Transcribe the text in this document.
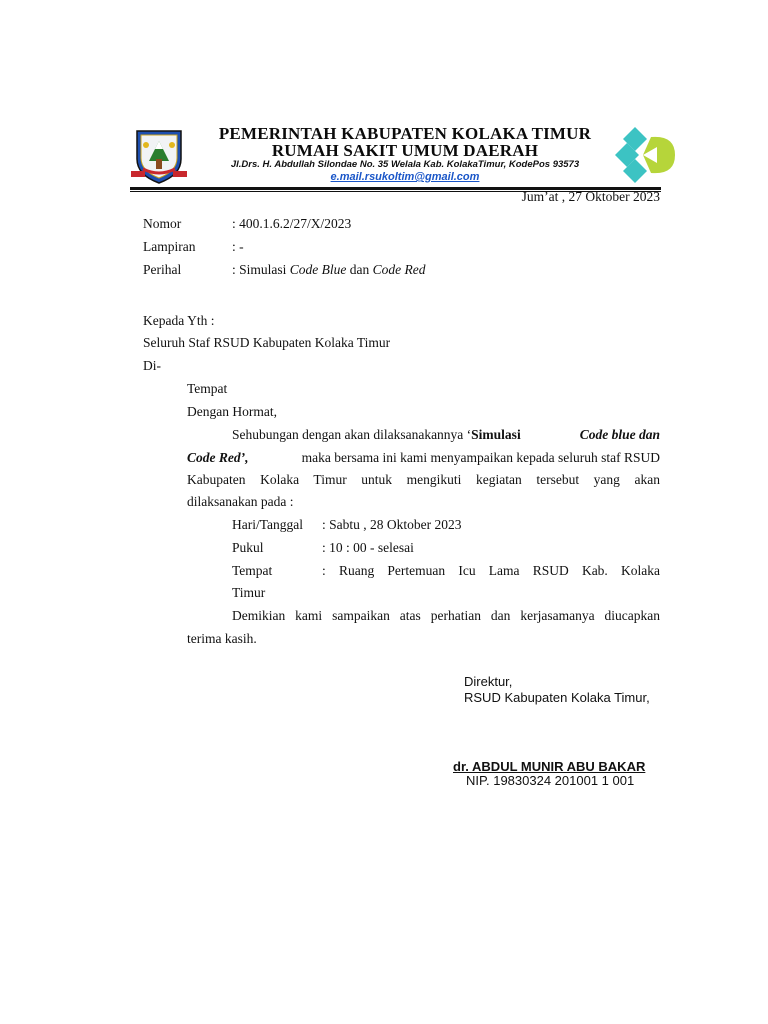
PEMERINTAH KABUPATEN KOLAKA TIMUR
RUMAH SAKIT UMUM DAERAH
Jl.Drs. H. Abdullah Silondae No. 35 Welala Kab. KolakaTimur, KodePos 93573
e.mail.rsukoltim@gmail.com
Jum’at , 27 Oktober 2023
Nomor	: 400.1.6.2/27/X/2023
Lampiran	: -
Perihal	: Simulasi Code Blue dan Code Red
Kepada Yth :
Seluruh Staf RSUD Kabupaten Kolaka Timur
Di-
Tempat
Dengan Hormat,
Sehubungan dengan akan dilaksanakannya ‘Simulasi	Code blue dan
Code Red’,	maka bersama ini kami menyampaikan kepada seluruh staf RSUD
Kabupaten Kolaka Timur untuk mengikuti kegiatan tersebut yang akan
dilaksanakan pada :
Hari/Tanggal : Sabtu , 28 Oktober 2023
Pukul	: 10 : 00 - selesai
Tempat	: Ruang Pertemuan Icu Lama RSUD Kab. Kolaka
Timur
Demikian kami sampaikan atas perhatian dan kerjasamanya diucapkan
terima kasih.
Direktur,
RSUD Kabupaten Kolaka Timur,
dr. ABDUL MUNIR ABU BAKAR
NIP. 19830324 201001 1 001
